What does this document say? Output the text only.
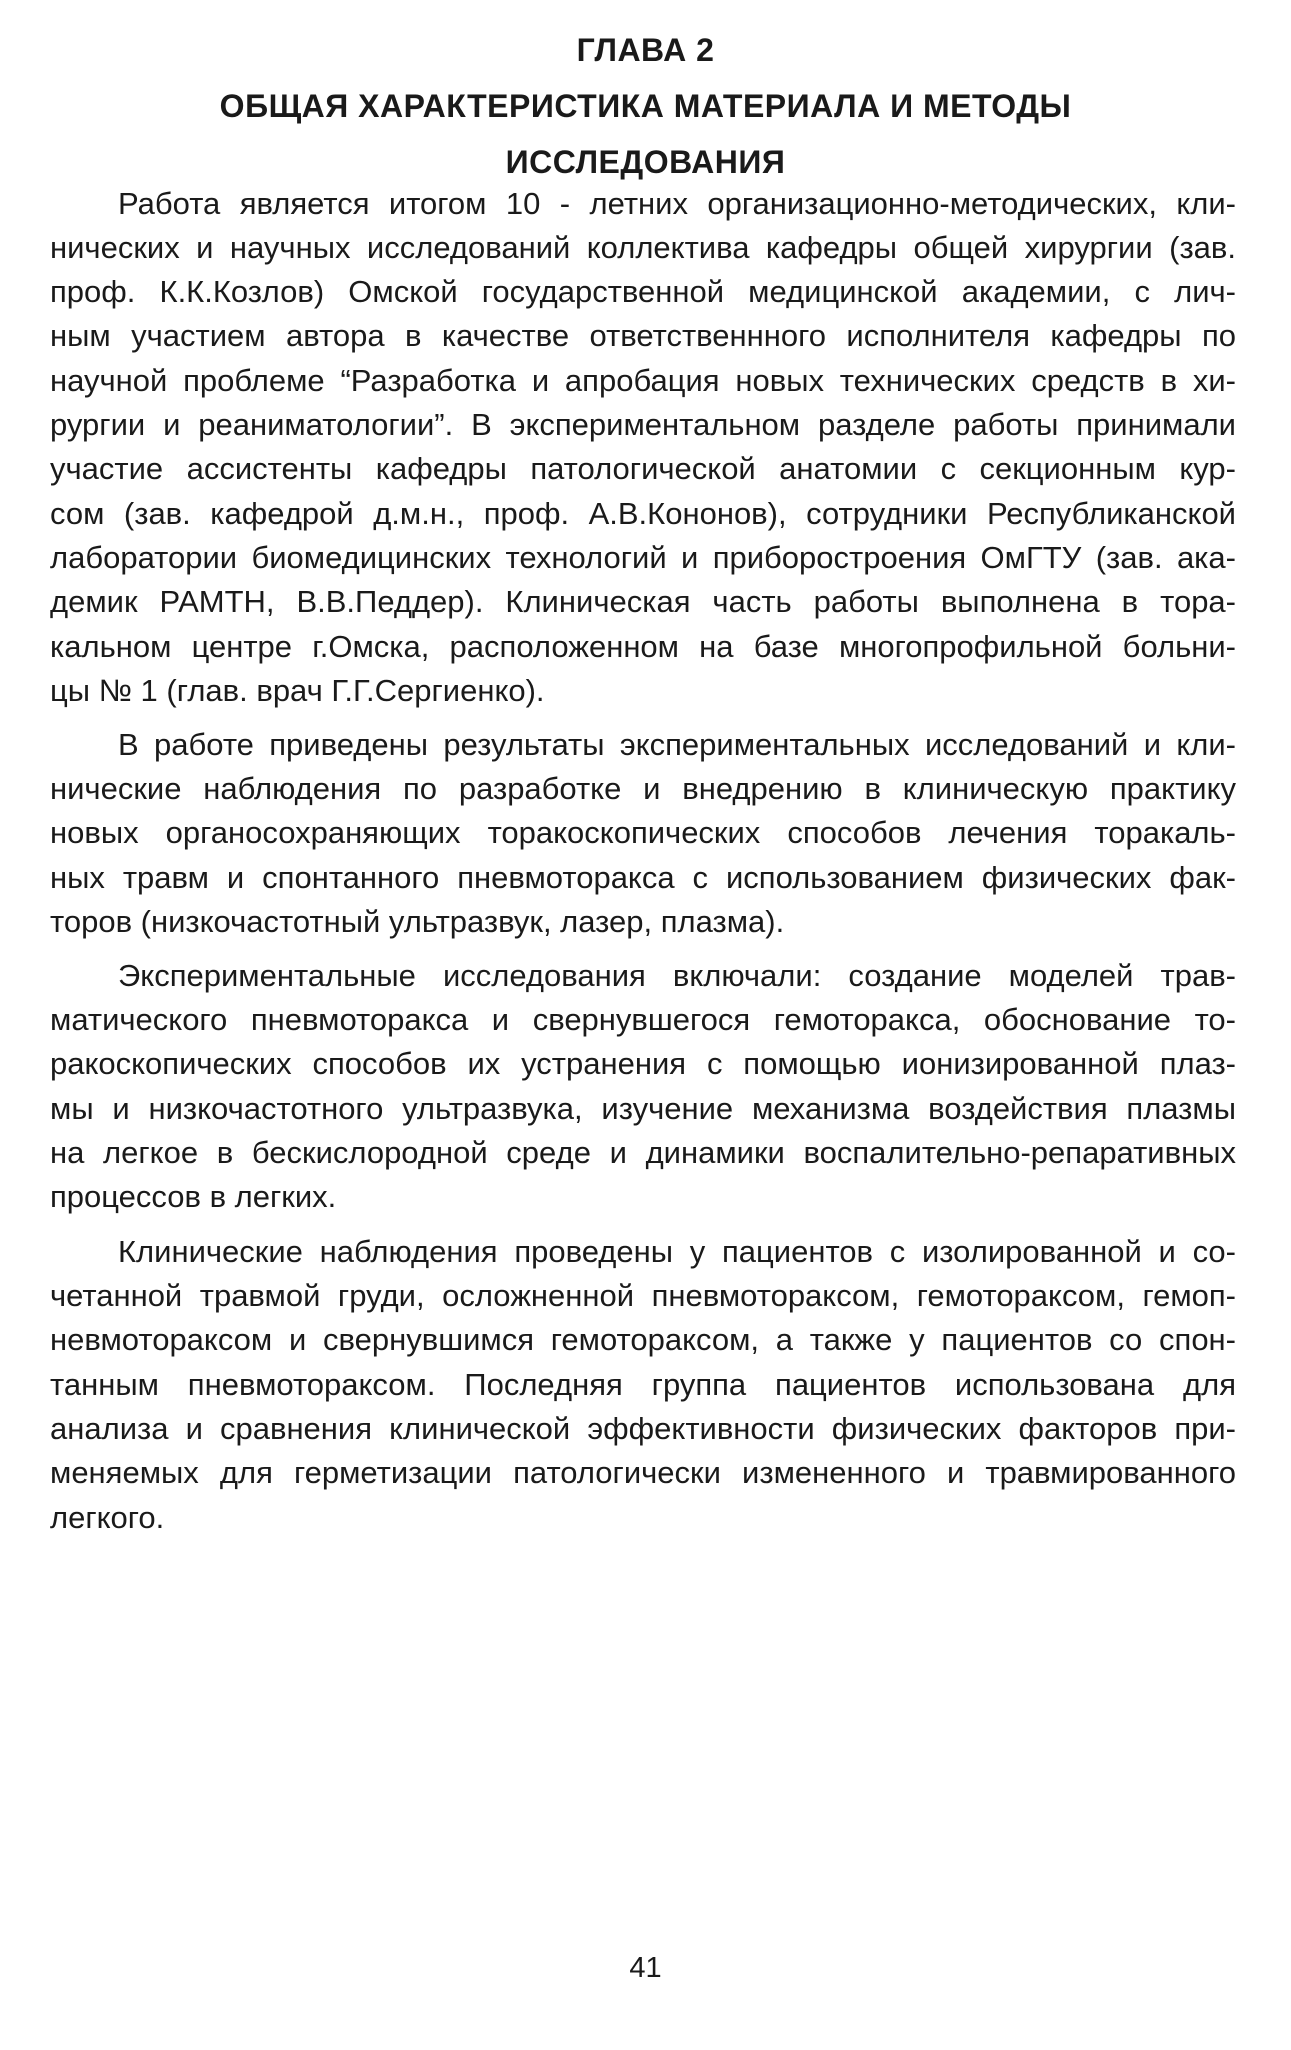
ГЛАВА 2
ОБЩАЯ ХАРАКТЕРИСТИКА МАТЕРИАЛА И МЕТОДЫ
ИССЛЕДОВАНИЯ

Работа является итогом 10 - летних организационно-методических, кли-

нических и научных исследований коллектива кафедры общей хирургии (зав.

проф. К.К.Козлов) Омской государственной медицинской академии, с лич-

ным участием автора в качестве ответственнного исполнителя кафедры по

научной проблеме “Разработка и апробация новых технических средств в хи-

рургии и реаниматологии”. В экспериментальном разделе работы принимали

участие ассистенты кафедры патологической анатомии с секционным кур-

сом (зав. кафедрой д.м.н., проф. А.В.Кононов), сотрудники Республиканской

лаборатории биомедицинских технологий и приборостроения ОмГТУ (зав. ака-

демик РАМТН, В.В.Педдер). Клиническая часть работы выполнена в тора-

кальном центре г.Омска, расположенном на базе многопрофильной больни-

цы № 1 (глав. врач Г.Г.Сергиенко).

В работе приведены результаты экспериментальных исследований и кли-

нические наблюдения по разработке и внедрению в клиническую практику

новых органосохраняющих торакоскопических способов лечения торакаль-

ных травм и спонтанного пневмоторакса с использованием физических фак-

торов (низкочастотный ультразвук, лазер, плазма).

Экспериментальные исследования включали: создание моделей трав-

матического пневмоторакса и свернувшегося гемоторакса, обоснование то-

ракоскопических способов их устранения с помощью ионизированной плаз-

мы и низкочастотного ультразвука, изучение механизма воздействия плазмы

на легкое в бескислородной среде и динамики воспалительно-репаративных

процессов в легких.

Клинические наблюдения проведены у пациентов с изолированной и со-

четанной травмой груди, осложненной пневмотораксом, гемотораксом, гемоп-

невмотораксом и свернувшимся гемотораксом, а также у пациентов со спон-

танным пневмотораксом. Последняя группа пациентов использована для

анализа и сравнения клинической эффективности физических факторов при-

меняемых для герметизации патологически измененного и травмированного

легкого.

41
